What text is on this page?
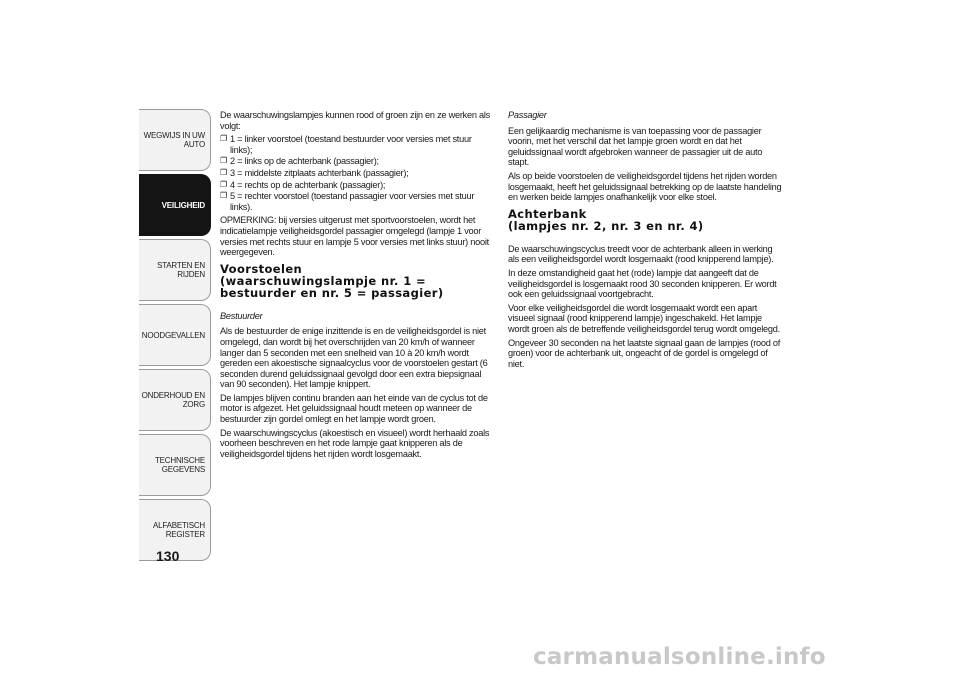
WEGWIJS IN UW AUTO
VEILIGHEID
STARTEN EN RIJDEN
NOODGEVALLEN
ONDERHOUD EN ZORG
TECHNISCHE GEGEVENS
ALFABETISCH REGISTER
130

De waarschuwingslampjes kunnen rood of groen zijn en ze werken als volgt:

❐ 1 = linker voorstoel (toestand bestuurder voor versies met stuur links);
❐ 2 = links op de achterbank (passagier);
❐ 3 = middelste zitplaats achterbank (passagier);
❐ 4 = rechts op de achterbank (passagier);
❐ 5 = rechter voorstoel (toestand passagier voor versies met stuur links).

OPMERKING: bij versies uitgerust met sportvoorstoelen, wordt het indicatielampje veiligheidsgordel passagier omgelegd (lampje 1 voor versies met rechts stuur en lampje 5 voor versies met links stuur) nooit weergegeven.

Voorstoelen
(waarschuwingslampje nr. 1 =
bestuurder en nr. 5 = passagier)

Bestuurder

Als de bestuurder de enige inzittende is en de veiligheidsgordel is niet omgelegd, dan wordt bij het overschrijden van 20 km/h of wanneer langer dan 5 seconden met een snelheid van 10 à 20 km/h wordt gereden een akoestische signaalcyclus voor de voorstoelen gestart (6 seconden durend geluidssignaal gevolgd door een extra biepsignaal van 90 seconden). Het lampje knippert.

De lampjes blijven continu branden aan het einde van de cyclus tot de motor is afgezet. Het geluidssignaal houdt meteen op wanneer de bestuurder zijn gordel omlegt en het lampje wordt groen.

De waarschuwingscyclus (akoestisch en visueel) wordt herhaald zoals voorheen beschreven en het rode lampje gaat knipperen als de veiligheidsgordel tijdens het rijden wordt losgemaakt.

Passagier

Een gelijkaardig mechanisme is van toepassing voor de passagier voorin, met het verschil dat het lampje groen wordt en dat het geluidssignaal wordt afgebroken wanneer de passagier uit de auto stapt.

Als op beide voorstoelen de veiligheidsgordel tijdens het rijden worden losgemaakt, heeft het geluidssignaal betrekking op de laatste handeling en werken beide lampjes onafhankelijk voor elke stoel.

Achterbank
(lampjes nr. 2, nr. 3 en nr. 4)

De waarschuwingscyclus treedt voor de achterbank alleen in werking als een veiligheidsgordel wordt losgemaakt (rood knipperend lampje).

In deze omstandigheid gaat het (rode) lampje dat aangeeft dat de veiligheidsgordel is losgemaakt rood 30 seconden knipperen. Er wordt ook een geluidssignaal voortgebracht.

Voor elke veiligheidsgordel die wordt losgemaakt wordt een apart visueel signaal (rood knipperend lampje) ingeschakeld. Het lampje wordt groen als de betreffende veiligheidsgordel terug wordt omgelegd.

Ongeveer 30 seconden na het laatste signaal gaan de lampjes (rood of groen) voor de achterbank uit, ongeacht of de gordel is omgelegd of niet.

carmanualsonline.info
